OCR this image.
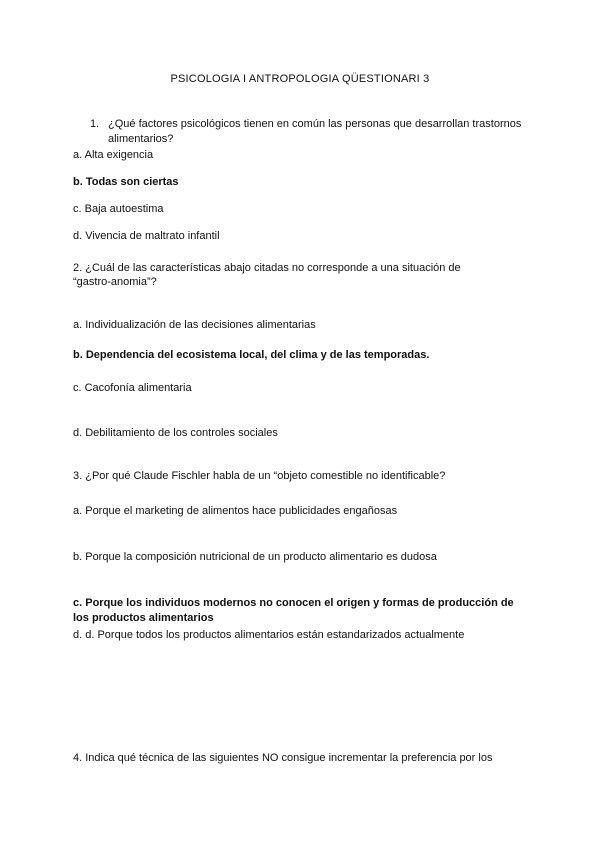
PSICOLOGIA I ANTROPOLOGIA QÜESTIONARI 3
1. ¿Qué factores psicológicos tienen en común las personas que desarrollan trastornos
alimentarios?
a. Alta exigencia
b. Todas son ciertas
c. Baja autoestima
d. Vivencia de maltrato infantil
2. ¿Cuál de las características abajo citadas no corresponde a una situación de
“gastro-anomia”?
a. Individualización de las decisiones alimentarias
b. Dependencia del ecosistema local, del clima y de las temporadas.
c. Cacofonía alimentaria
d. Debilitamiento de los controles sociales
3. ¿Por qué Claude Fischler habla de un “objeto comestible no identificable?
a. Porque el marketing de alimentos hace publicidades engañosas
b. Porque la composición nutricional de un producto alimentario es dudosa
c. Porque los individuos modernos no conocen el origen y formas de producción de
los productos alimentarios
d. d. Porque todos los productos alimentarios están estandarizados actualmente
4. Indica qué técnica de las siguientes NO consigue incrementar la preferencia por los
